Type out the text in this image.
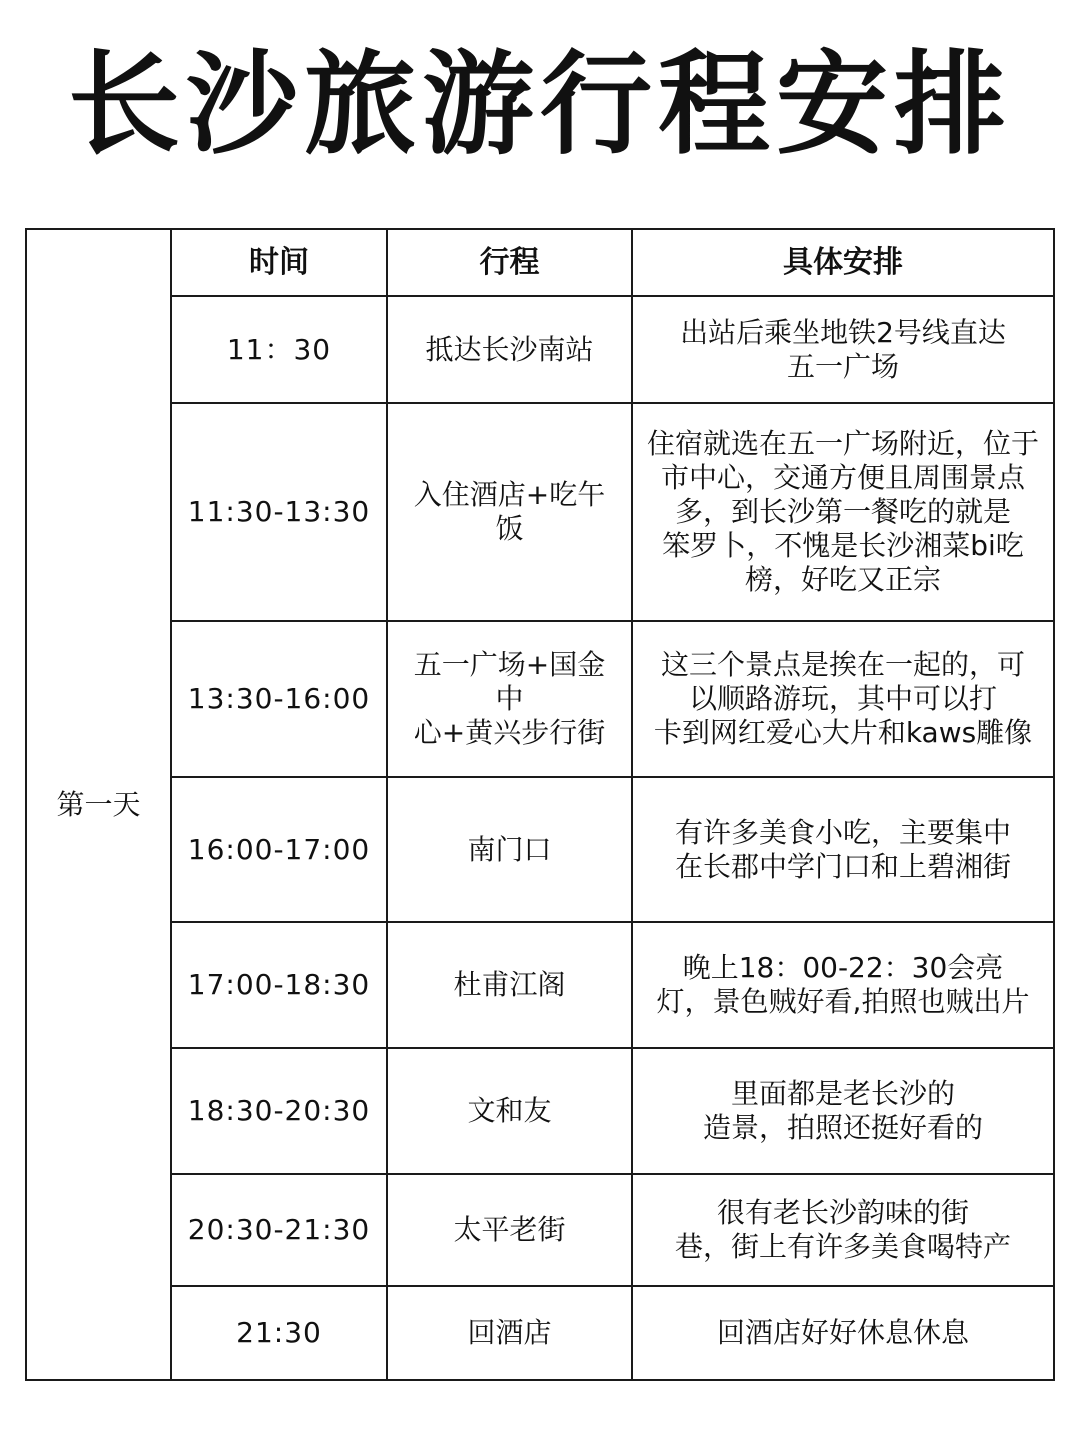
长沙旅游行程安排
第一天	时间	行程	具体安排
	11：30	抵达长沙南站	出站后乘坐地铁2号线直达
五一广场
	11:30-13:30	入住酒店+吃午饭	住宿就选在五一广场附近，位于
市中心，交通方便且周围景点
多，到长沙第一餐吃的就是
笨罗卜，不愧是长沙湘菜bi吃
榜，好吃又正宗
	13:30-16:00	五一广场+国金中
心+黄兴步行街	这三个景点是挨在一起的，可
以顺路游玩，其中可以打
卡到网红爱心大片和kaws雕像
	16:00-17:00	南门口	有许多美食小吃，主要集中
在长郡中学门口和上碧湘街
	17:00-18:30	杜甫江阁	晚上18：00-22：30会亮
灯，景色贼好看,拍照也贼出片
	18:30-20:30	文和友	里面都是老长沙的
造景，拍照还挺好看的
	20:30-21:30	太平老街	很有老长沙韵味的街
巷，街上有许多美食喝特产
	21:30	回酒店	回酒店好好休息休息
